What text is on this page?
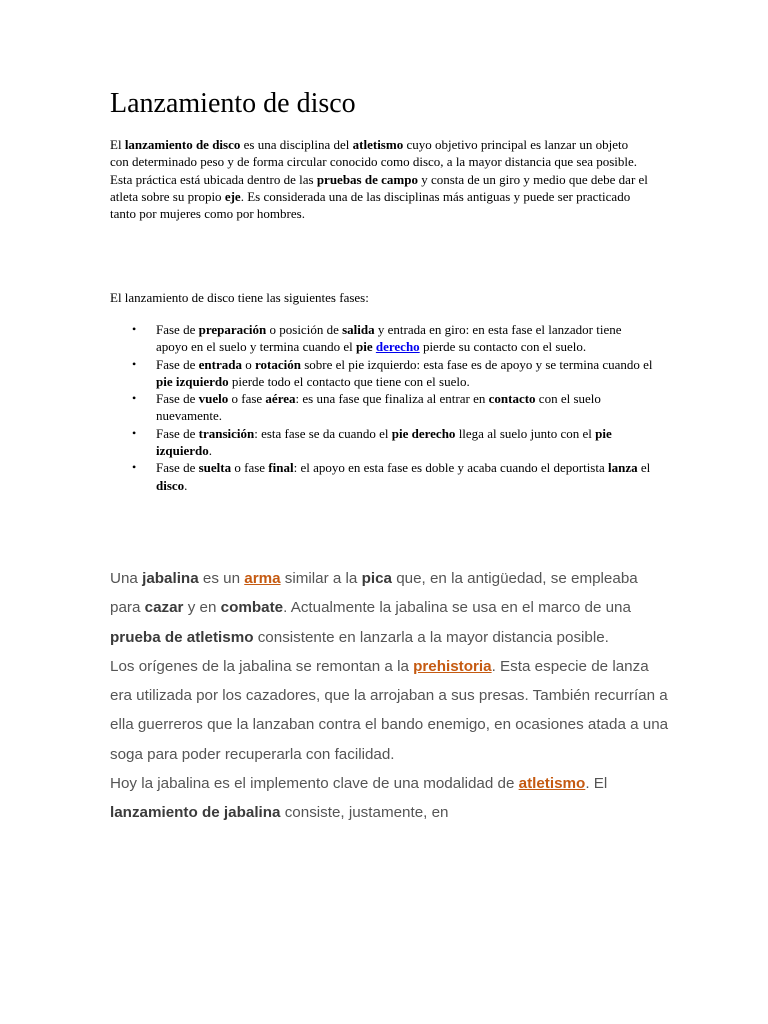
Lanzamiento de disco
El lanzamiento de disco es una disciplina del atletismo cuyo objetivo principal es lanzar un objeto con determinado peso y de forma circular conocido como disco, a la mayor distancia que sea posible. Esta práctica está ubicada dentro de las pruebas de campo y consta de un giro y medio que debe dar el atleta sobre su propio eje. Es considerada una de las disciplinas más antiguas y puede ser practicado tanto por mujeres como por hombres.
El lanzamiento de disco tiene las siguientes fases:
• Fase de preparación o posición de salida y entrada en giro: en esta fase el lanzador tiene apoyo en el suelo y termina cuando el pie derecho pierde su contacto con el suelo.
• Fase de entrada o rotación sobre el pie izquierdo: esta fase es de apoyo y se termina cuando el pie izquierdo pierde todo el contacto que tiene con el suelo.
• Fase de vuelo o fase aérea: es una fase que finaliza al entrar en contacto con el suelo nuevamente.
• Fase de transición: esta fase se da cuando el pie derecho llega al suelo junto con el pie izquierdo.
• Fase de suelta o fase final: el apoyo en esta fase es doble y acaba cuando el deportista lanza el disco.

Una jabalina es un arma similar a la pica que, en la antigüedad, se empleaba para cazar y en combate. Actualmente la jabalina se usa en el marco de una prueba de atletismo consistente en lanzarla a la mayor distancia posible.

Los orígenes de la jabalina se remontan a la prehistoria. Esta especie de lanza era utilizada por los cazadores, que la arrojaban a sus presas. También recurrían a ella guerreros que la lanzaban contra el bando enemigo, en ocasiones atada a una soga para poder recuperarla con facilidad.

Hoy la jabalina es el implemento clave de una modalidad de atletismo. El lanzamiento de jabalina consiste, justamente, en
